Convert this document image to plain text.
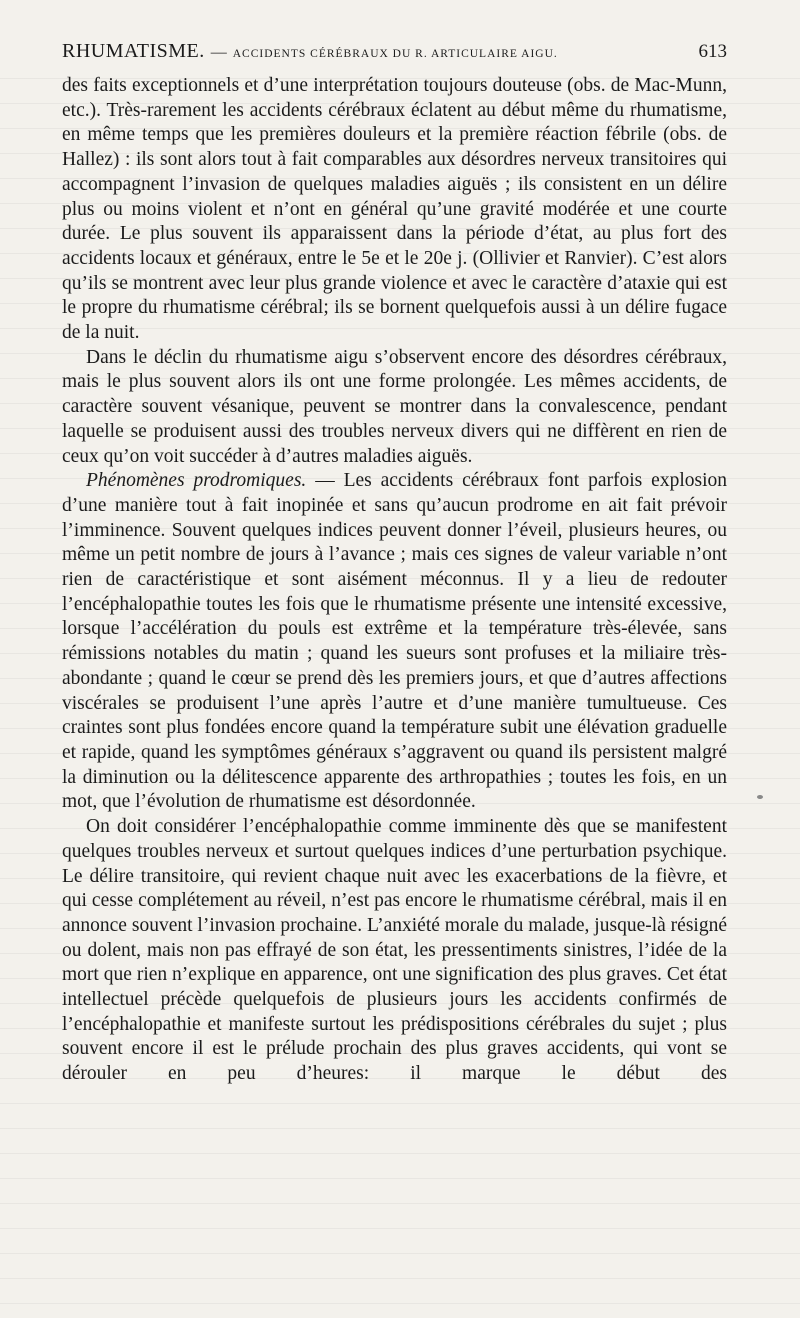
RHUMATISME. — ACCIDENTS CÉRÉBRAUX DU R. ARTICULAIRE AIGU.	613

des faits exceptionnels et d’une interprétation toujours douteuse (obs. de Mac-Munn, etc.). Très-rarement les accidents cérébraux éclatent au début même du rhumatisme, en même temps que les premières douleurs et la première réaction fébrile (obs. de Hallez) : ils sont alors tout à fait comparables aux désordres nerveux transitoires qui accompagnent l’invasion de quelques maladies aiguës ; ils consistent en un délire plus ou moins violent et n’ont en général qu’une gravité modérée et une courte durée. Le plus souvent ils apparaissent dans la période d’état, au plus fort des accidents locaux et généraux, entre le 5e et le 20e j. (Ollivier et Ranvier). C’est alors qu’ils se montrent avec leur plus grande violence et avec le caractère d’ataxie qui est le propre du rhumatisme cérébral; ils se bornent quelquefois aussi à un délire fugace de la nuit.

Dans le déclin du rhumatisme aigu s’observent encore des désordres cérébraux, mais le plus souvent alors ils ont une forme prolongée. Les mêmes accidents, de caractère souvent vésanique, peuvent se montrer dans la convalescence, pendant laquelle se produisent aussi des troubles nerveux divers qui ne diffèrent en rien de ceux qu’on voit succéder à d’autres maladies aiguës.

Phénomènes prodromiques. — Les accidents cérébraux font parfois explosion d’une manière tout à fait inopinée et sans qu’aucun prodrome en ait fait prévoir l’imminence. Souvent quelques indices peuvent donner l’éveil, plusieurs heures, ou même un petit nombre de jours à l’avance ; mais ces signes de valeur variable n’ont rien de caractéristique et sont aisément méconnus. Il y a lieu de redouter l’encéphalopathie toutes les fois que le rhumatisme présente une intensité excessive, lorsque l’accélération du pouls est extrême et la température très-élevée, sans rémissions notables du matin ; quand les sueurs sont profuses et la miliaire très-abondante ; quand le cœur se prend dès les premiers jours, et que d’autres affections viscérales se produisent l’une après l’autre et d’une manière tumultueuse. Ces craintes sont plus fondées encore quand la température subit une élévation graduelle et rapide, quand les symptômes généraux s’aggravent ou quand ils persistent malgré la diminution ou la délitescence apparente des arthropathies ; toutes les fois, en un mot, que l’évolution de rhumatisme est désordonnée.

On doit considérer l’encéphalopathie comme imminente dès que se manifestent quelques troubles nerveux et surtout quelques indices d’une perturbation psychique. Le délire transitoire, qui revient chaque nuit avec les exacerbations de la fièvre, et qui cesse complétement au réveil, n’est pas encore le rhumatisme cérébral, mais il en annonce souvent l’invasion prochaine. L’anxiété morale du malade, jusque-là résigné ou dolent, mais non pas effrayé de son état, les pressentiments sinistres, l’idée de la mort que rien n’explique en apparence, ont une signification des plus graves. Cet état intellectuel précède quelquefois de plusieurs jours les accidents confirmés de l’encéphalopathie et manifeste surtout les prédispositions cérébrales du sujet ; plus souvent encore il est le prélude prochain des plus graves accidents, qui vont se dérouler en peu d’heures: il marque le début des
